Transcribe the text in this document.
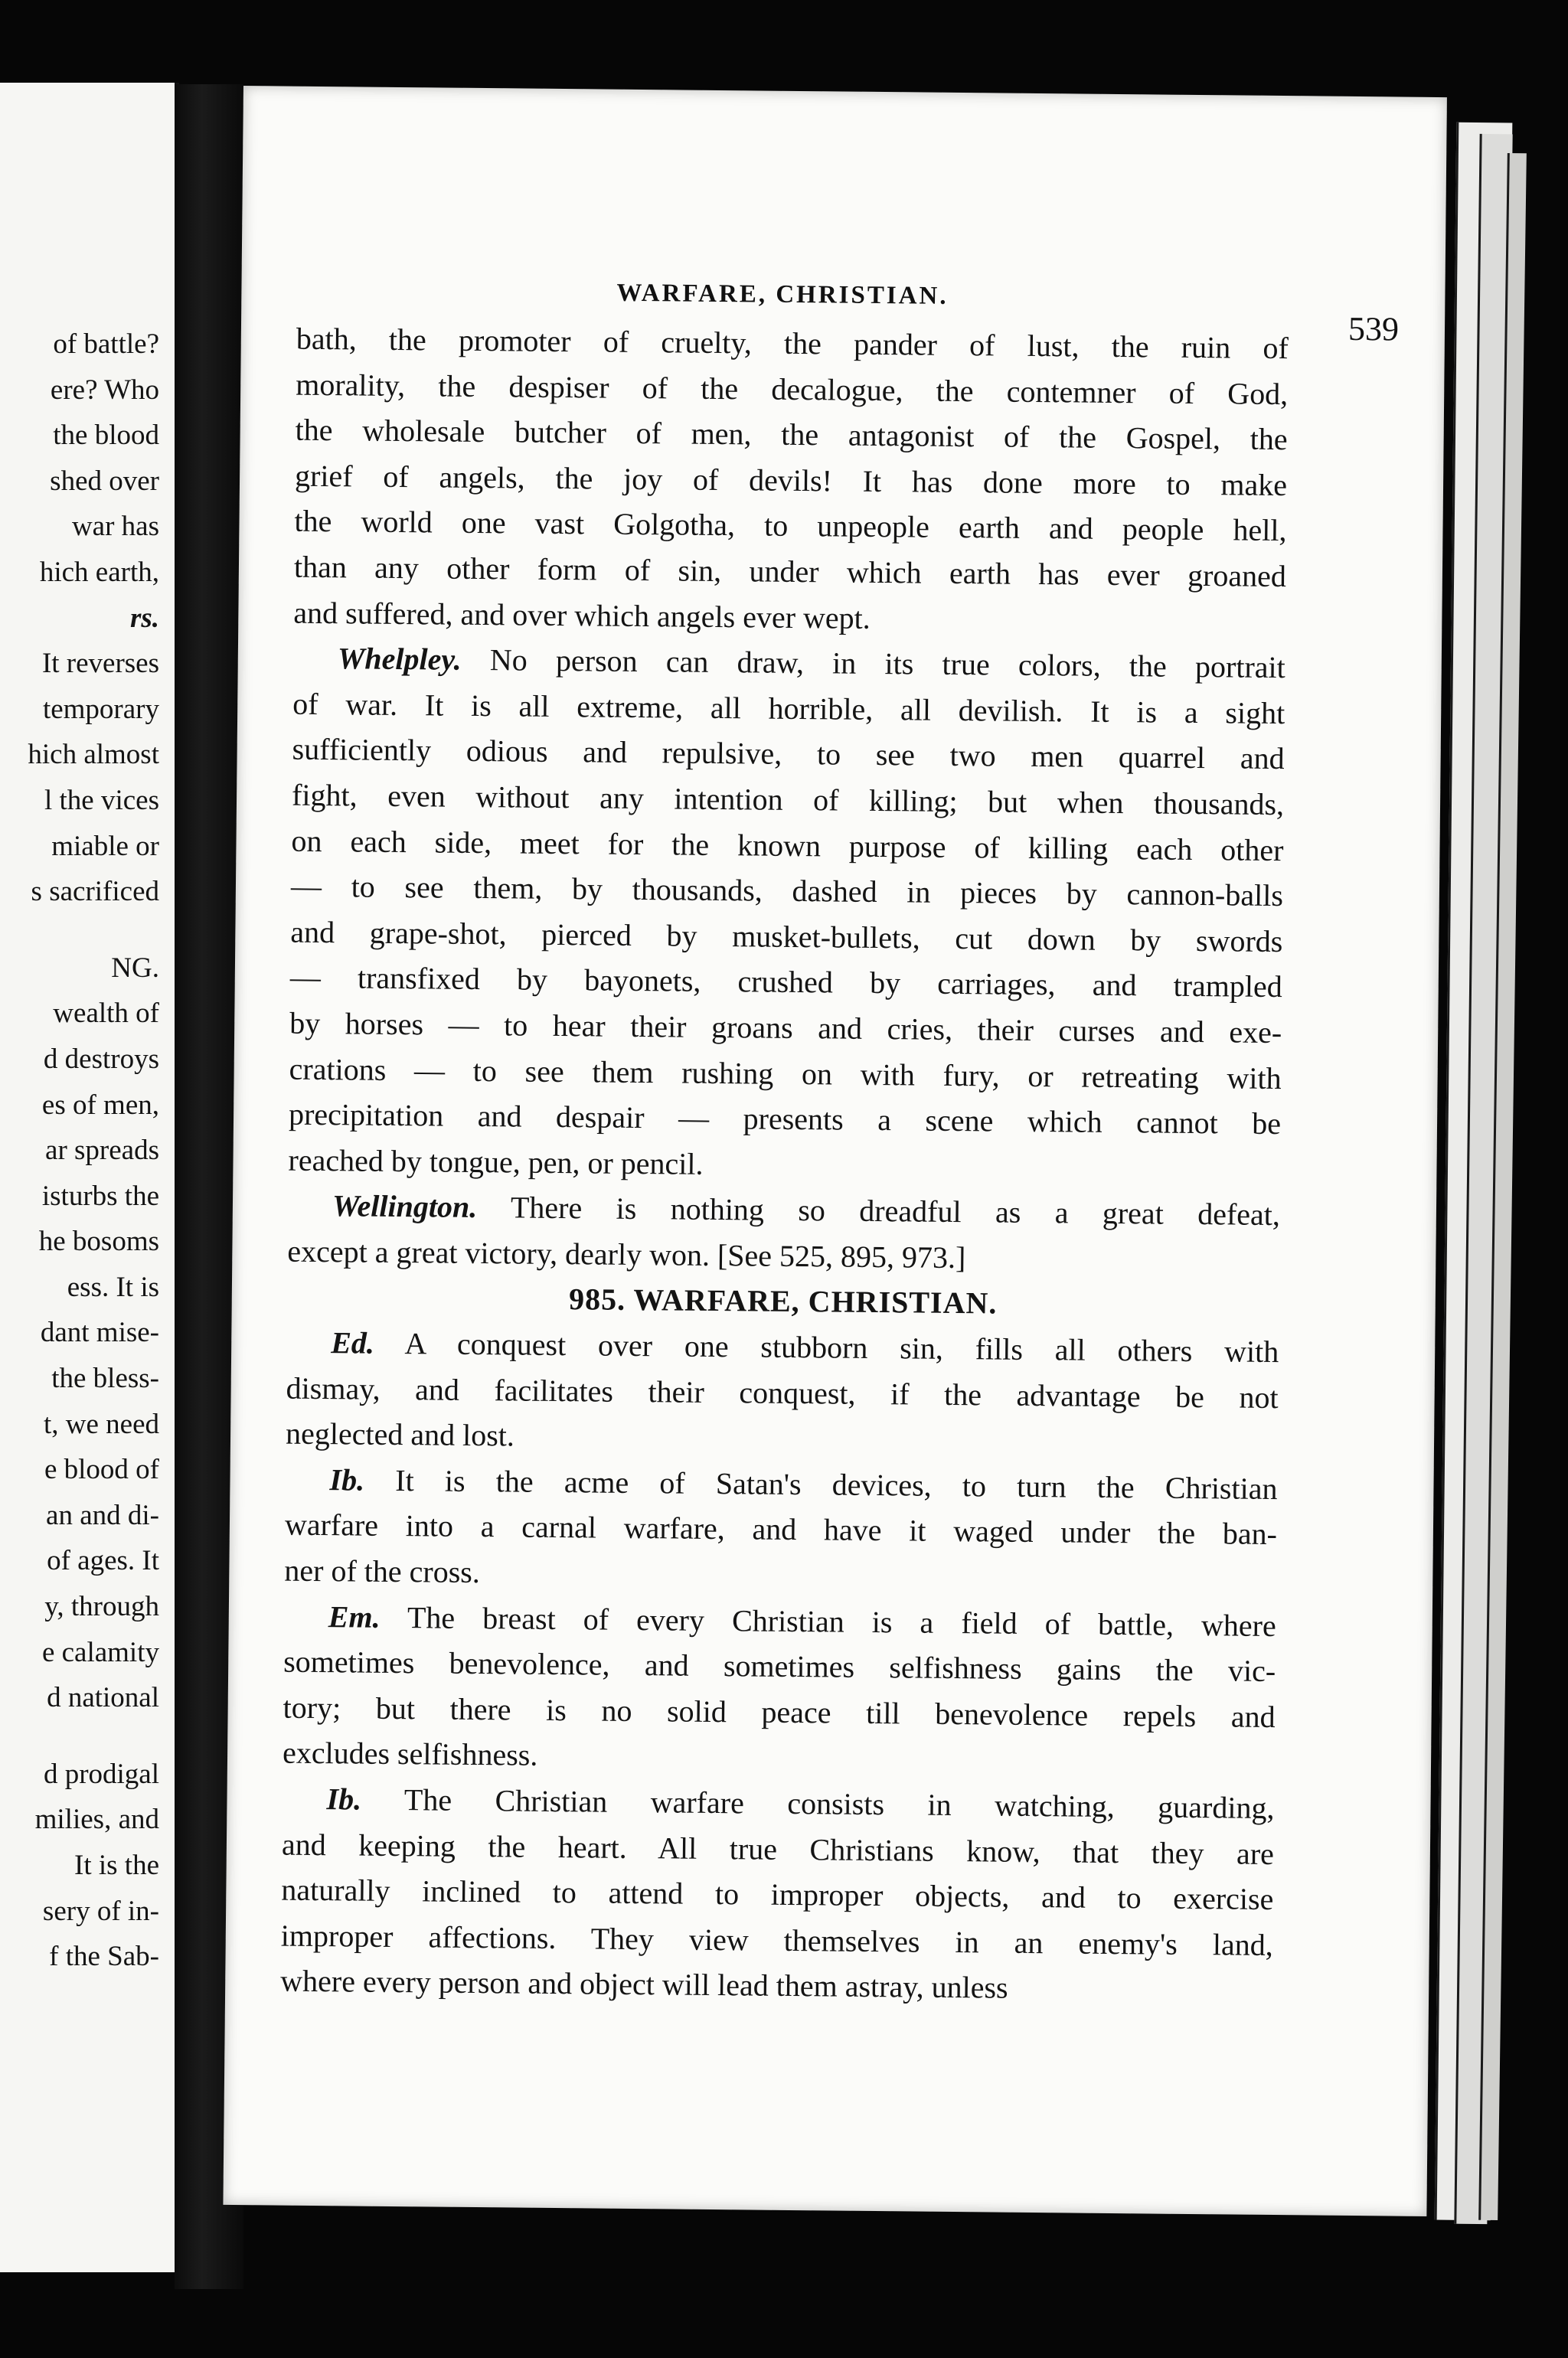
of battle?
ere? Who
the blood
shed over
war has
hich earth,
rs.
It reverses
temporary
hich almost
l the vices
miable or
s sacrificed
NG.
wealth of
d destroys
es of men,
ar spreads
isturbs the
he bosoms
ess. It is
dant mise-
the bless-
t, we need
e blood of
an and di-
of ages. It
y, through
e calamity
d national
d prodigal
milies, and
It is the
sery of in-
f the Sab-
WARFARE, CHRISTIAN.
539
bath, the promoter of cruelty, the pander of lust, the ruin of
morality, the despiser of the decalogue, the contemner of God,
the wholesale butcher of men, the antagonist of the Gospel, the
grief of angels, the joy of devils! It has done more to make
the world one vast Golgotha, to unpeople earth and people hell,
than any other form of sin, under which earth has ever groaned
and suffered, and over which angels ever wept.
Whelpley. No person can draw, in its true colors, the portrait
of war. It is all extreme, all horrible, all devilish. It is a sight
sufficiently odious and repulsive, to see two men quarrel and
fight, even without any intention of killing; but when thousands,
on each side, meet for the known purpose of killing each other
— to see them, by thousands, dashed in pieces by cannon-balls
and grape-shot, pierced by musket-bullets, cut down by swords
— transfixed by bayonets, crushed by carriages, and trampled
by horses — to hear their groans and cries, their curses and exe-
crations — to see them rushing on with fury, or retreating with
precipitation and despair — presents a scene which cannot be
reached by tongue, pen, or pencil.
Wellington. There is nothing so dreadful as a great defeat,
except a great victory, dearly won. [See 525, 895, 973.]
985. WARFARE, CHRISTIAN.
Ed. A conquest over one stubborn sin, fills all others with
dismay, and facilitates their conquest, if the advantage be not
neglected and lost.
Ib. It is the acme of Satan's devices, to turn the Christian
warfare into a carnal warfare, and have it waged under the ban-
ner of the cross.
Em. The breast of every Christian is a field of battle, where
sometimes benevolence, and sometimes selfishness gains the vic-
tory; but there is no solid peace till benevolence repels and
excludes selfishness.
Ib. The Christian warfare consists in watching, guarding,
and keeping the heart. All true Christians know, that they are
naturally inclined to attend to improper objects, and to exercise
improper affections. They view themselves in an enemy's land,
where every person and object will lead them astray, unless
